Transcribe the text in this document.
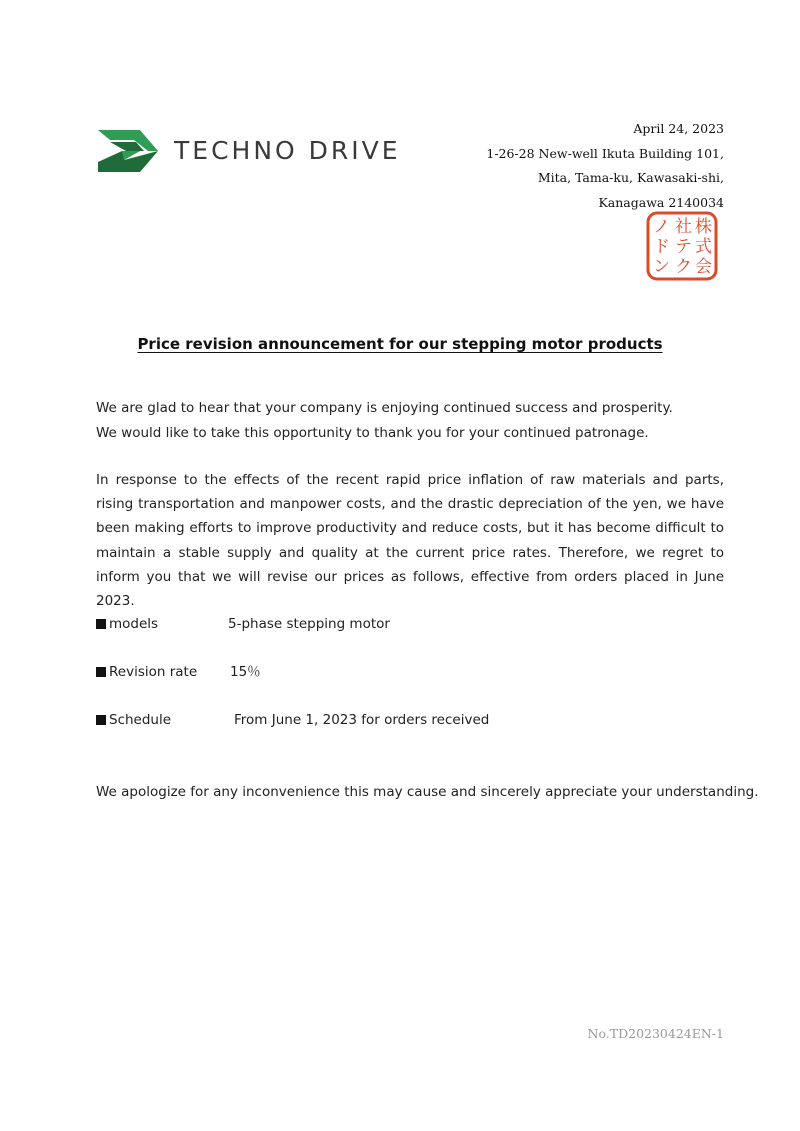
TECHNO DRIVE
April 24, 2023
1-26-28 New-well Ikuta Building 101,
Mita, Tama-ku, Kawasaki-shi,
Kanagawa 2140034
株
式
会
社
テ
ク
ノ
ド
ン
Price revision announcement for our stepping motor products
We are glad to hear that your company is enjoying continued success and prosperity.
We would like to take this opportunity to thank you for your continued patronage.
In response to the effects of the recent rapid price inflation of raw materials and parts, rising transportation and manpower costs, and the drastic depreciation of the yen, we have been making efforts to improve productivity and reduce costs, but it has become difficult to maintain a stable supply and quality at the current price rates. Therefore, we regret to inform you that we will revise our prices as follows, effective from orders placed in June 2023.
models	5-phase stepping motor
Revision rate 15％
Schedule	From June 1, 2023 for orders received
We apologize for any inconvenience this may cause and sincerely appreciate your understanding.
No.TD20230424EN-1
